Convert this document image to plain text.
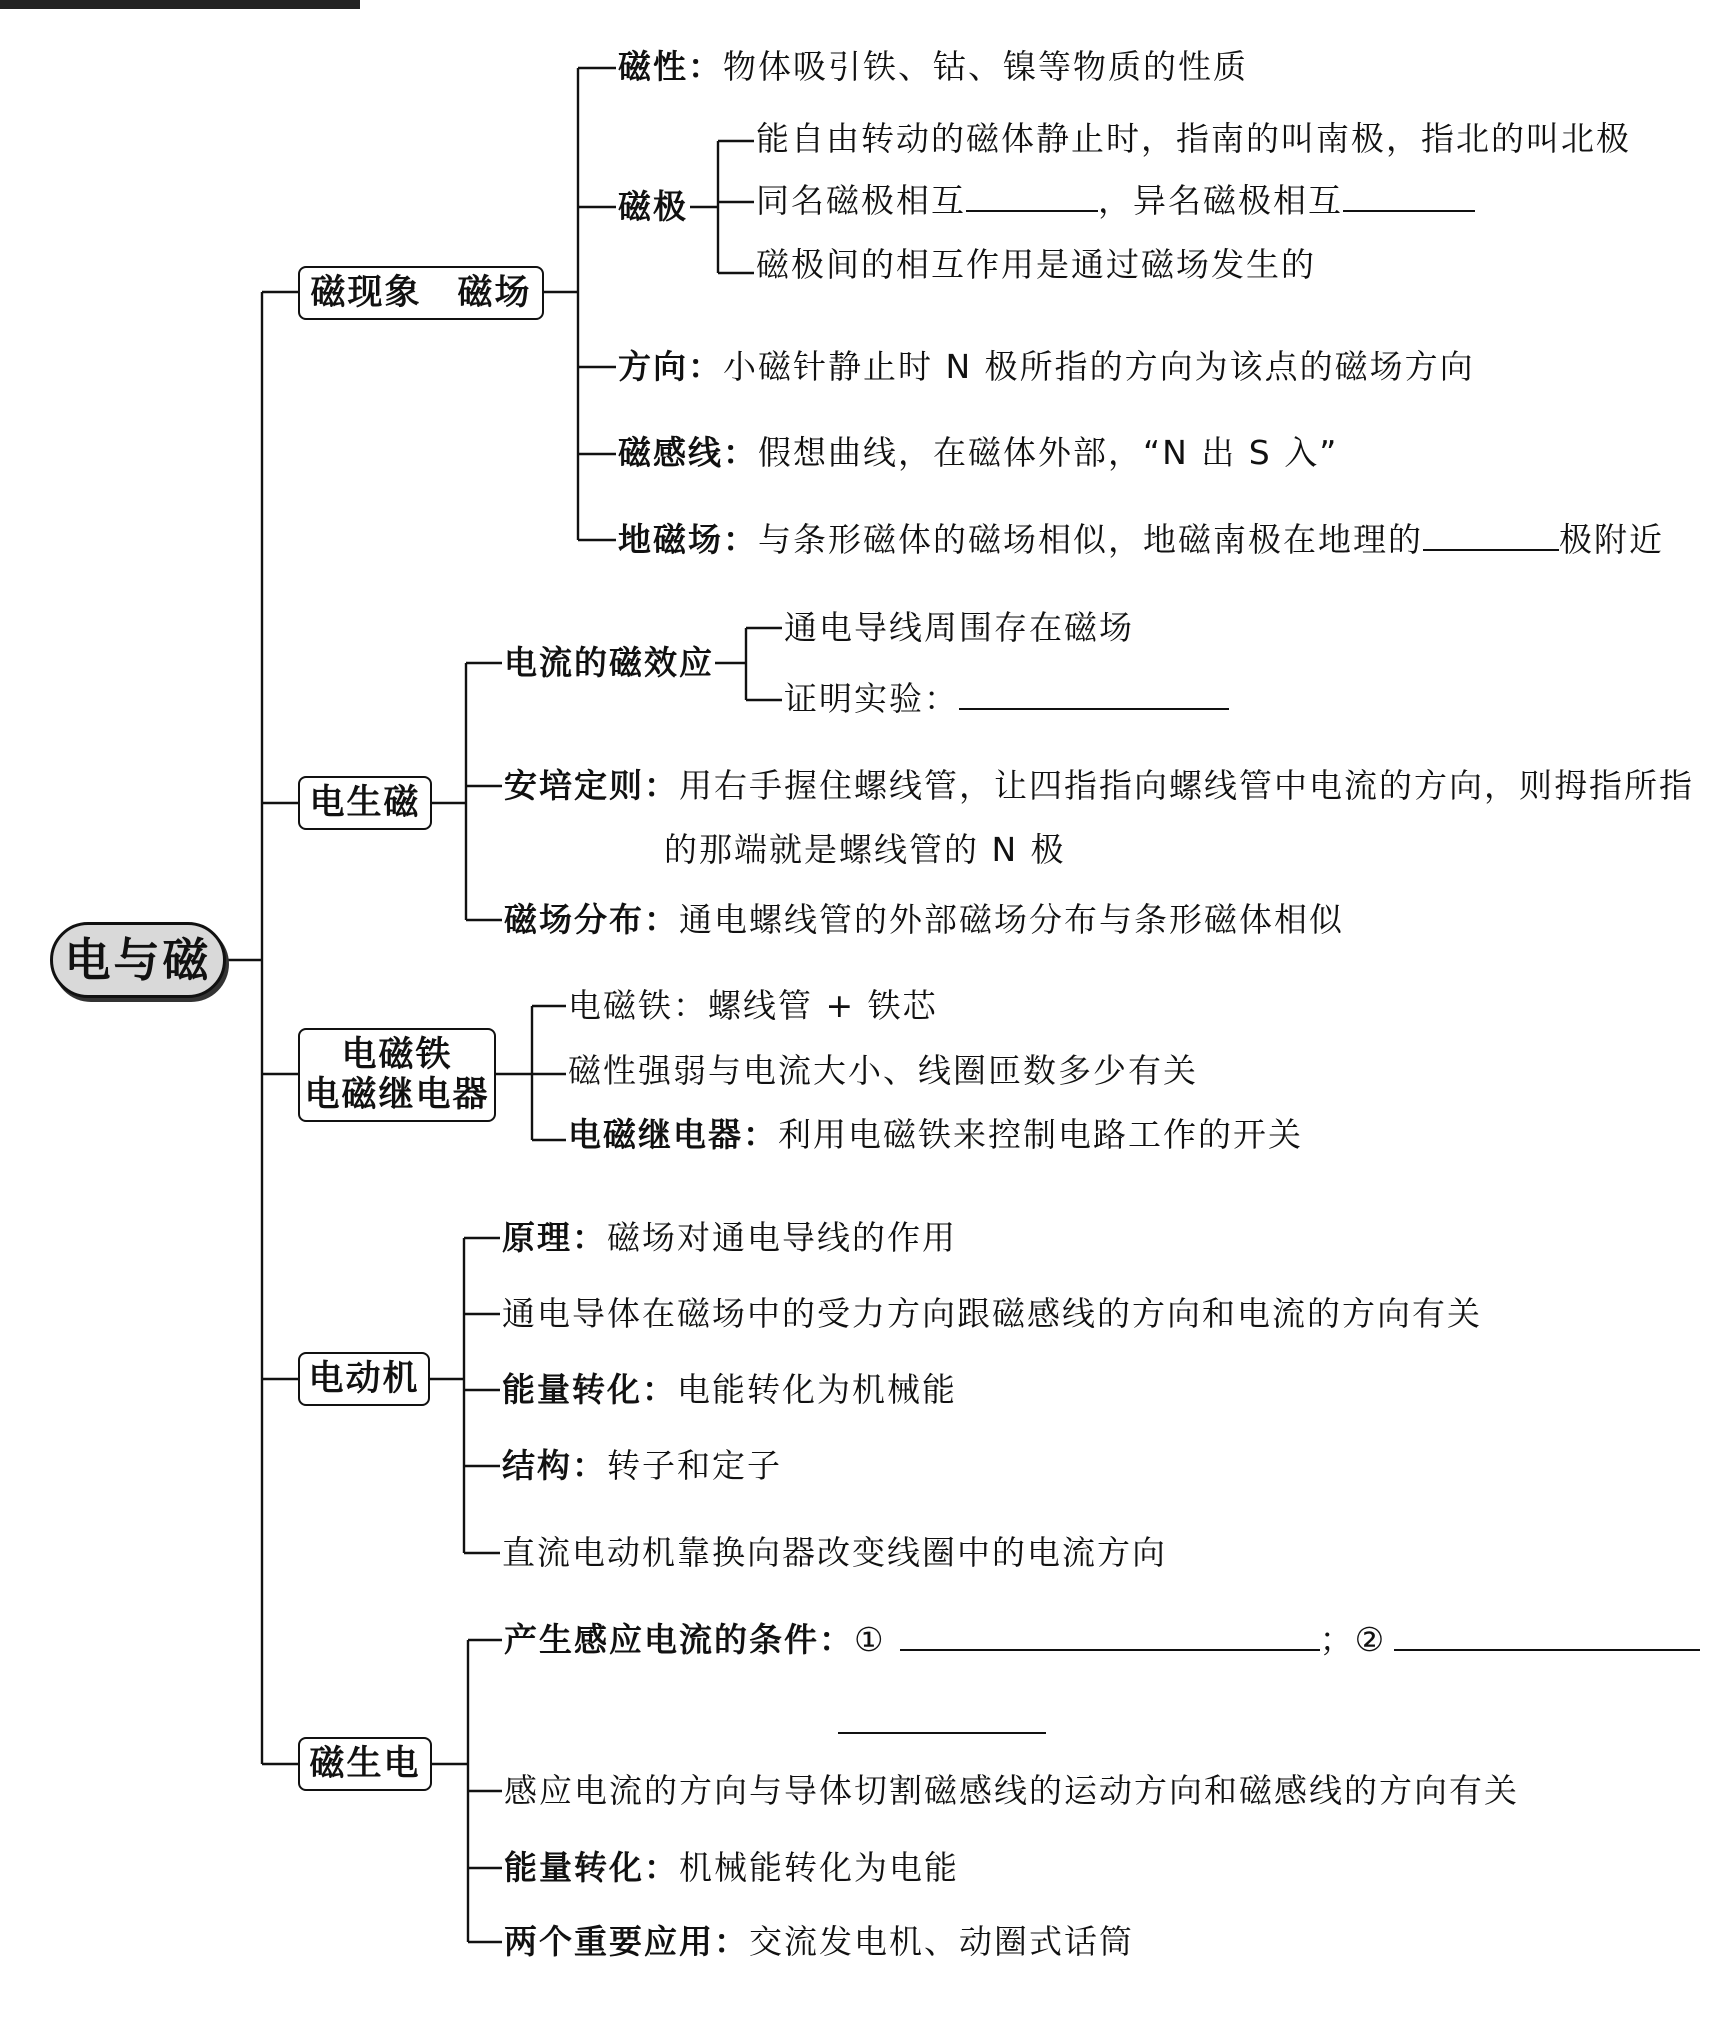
电与磁
磁现象 磁场
磁性：物体吸引铁、钴、镍等物质的性质
磁极
能自由转动的磁体静止时，指南的叫南极，指北的叫北极
同名磁极相互	，异名磁极相互
磁极间的相互作用是通过磁场发生的
方向：小磁针静止时 N 极所指的方向为该点的磁场方向
磁感线：假想曲线，在磁体外部，“N 出 S 入”
地磁场：与条形磁体的磁场相似，地磁南极在地理的	极附近
电生磁
电流的磁效应
通电导线周围存在磁场
证明实验：
安培定则：用右手握住螺线管，让四指指向螺线管中电流的方向，则拇指所指
的那端就是螺线管的 N 极
磁场分布：通电螺线管的外部磁场分布与条形磁体相似
电磁铁
电磁继电器
电磁铁：螺线管 + 铁芯
磁性强弱与电流大小、线圈匝数多少有关
电磁继电器：利用电磁铁来控制电路工作的开关
电动机
原理：磁场对通电导线的作用
通电导体在磁场中的受力方向跟磁感线的方向和电流的方向有关
能量转化：电能转化为机械能
结构：转子和定子
直流电动机靠换向器改变线圈中的电流方向
磁生电
产生感应电流的条件：①	；②
感应电流的方向与导体切割磁感线的运动方向和磁感线的方向有关
能量转化：机械能转化为电能
两个重要应用：交流发电机、动圈式话筒
